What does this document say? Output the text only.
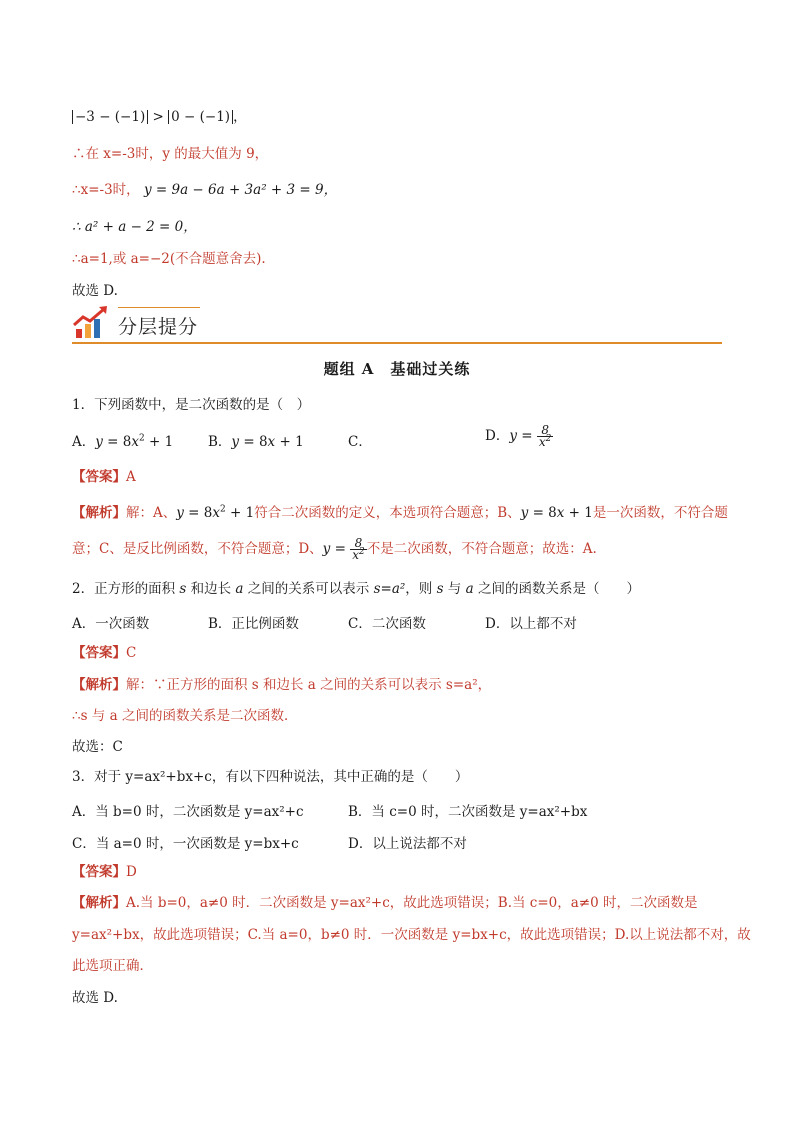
−3 − (−1) > 0 − (−1) ，
∴在 x=-3时，y 的最大值为 9，
∴x=-3时， y = 9a − 6a + 3a² + 3 = 9，
∴ a² + a − 2 = 0，
∴a=1,或 a=−2(不合题意舍去).
故选 D.
分层提分
题组 A　基础过关练
1．下列函数中，是二次函数的是（　）
A．$y = 8x^2 + 1$	B．y = 8x + 1	C．	D．$y = \frac{8}{x^2}$
【答案】A
【解析】解：A、$y = 8x^2 + 1$符合二次函数的定义，本选项符合题意；B、y = 8x + 1是一次函数，不符合题
意；C、是反比例函数，不符合题意；D、$y = \frac{8}{x^2}$ 不是二次函数，不符合题意；故选：A.
2．正方形的面积 s 和边长 a 之间的关系可以表示 s=a²，则 s 与 a 之间的函数关系是（　　）
A．一次函数	B．正比例函数	C．二次函数	D．以上都不对
【答案】C
【解析】解：∵正方形的面积 s 和边长 a 之间的关系可以表示 s=a²，
∴s 与 a 之间的函数关系是二次函数．
故选：C
3．对于 y=ax²+bx+c，有以下四种说法，其中正确的是（　　）
A．当 b=0 时，二次函数是 y=ax²+c	B．当 c=0 时，二次函数是 y=ax²+bx
C．当 a=0 时，一次函数是 y=bx+c	D．以上说法都不对
【答案】D
【解析】A.当 b=0，a≠0 时．二次函数是 y=ax²+c，故此选项错误；B.当 c=0，a≠0 时，二次函数是
y=ax²+bx，故此选项错误；C.当 a=0，b≠0 时．一次函数是 y=bx+c，故此选项错误；D.以上说法都不对，故
此选项正确．
故选 D.
